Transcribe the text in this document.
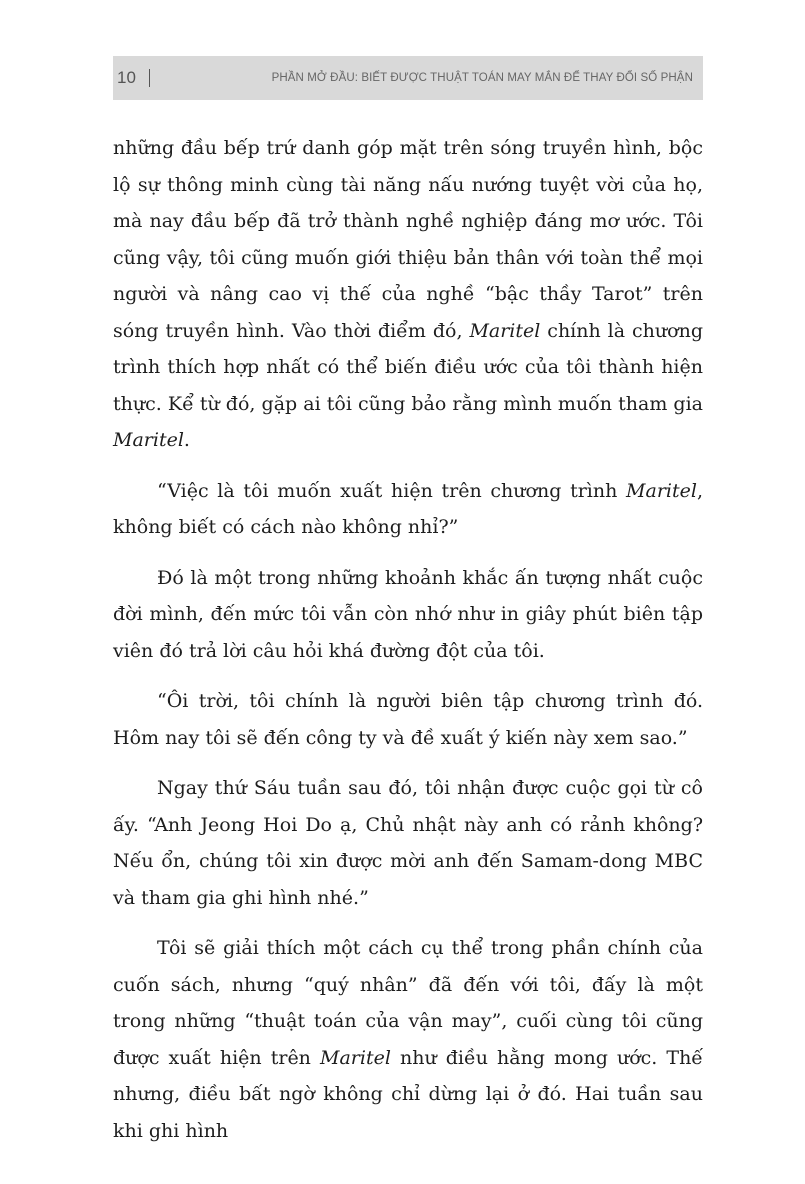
10	PHẦN MỞ ĐẦU: BIẾT ĐƯỢC THUẬT TOÁN MAY MẮN ĐỂ THAY ĐỔI SỐ PHẬN

những đầu bếp trứ danh góp mặt trên sóng truyền hình, bộc lộ sự thông minh cùng tài năng nấu nướng tuyệt vời của họ, mà nay đầu bếp đã trở thành nghề nghiệp đáng mơ ước. Tôi cũng vậy, tôi cũng muốn giới thiệu bản thân với toàn thể mọi người và nâng cao vị thế của nghề “bậc thầy Tarot” trên sóng truyền hình. Vào thời điểm đó, Maritel chính là chương trình thích hợp nhất có thể biến điều ước của tôi thành hiện thực. Kể từ đó, gặp ai tôi cũng bảo rằng mình muốn tham gia Maritel.

“Việc là tôi muốn xuất hiện trên chương trình Maritel, không biết có cách nào không nhỉ?”

Đó là một trong những khoảnh khắc ấn tượng nhất cuộc đời mình, đến mức tôi vẫn còn nhớ như in giây phút biên tập viên đó trả lời câu hỏi khá đường đột của tôi.

“Ôi trời, tôi chính là người biên tập chương trình đó. Hôm nay tôi sẽ đến công ty và đề xuất ý kiến này xem sao.”

Ngay thứ Sáu tuần sau đó, tôi nhận được cuộc gọi từ cô ấy. “Anh Jeong Hoi Do ạ, Chủ nhật này anh có rảnh không? Nếu ổn, chúng tôi xin được mời anh đến Samam-dong MBC và tham gia ghi hình nhé.”

Tôi sẽ giải thích một cách cụ thể trong phần chính của cuốn sách, nhưng “quý nhân” đã đến với tôi, đấy là một trong những “thuật toán của vận may”, cuối cùng tôi cũng được xuất hiện trên Maritel như điều hằng mong ước. Thế nhưng, điều bất ngờ không chỉ dừng lại ở đó. Hai tuần sau khi ghi hình
